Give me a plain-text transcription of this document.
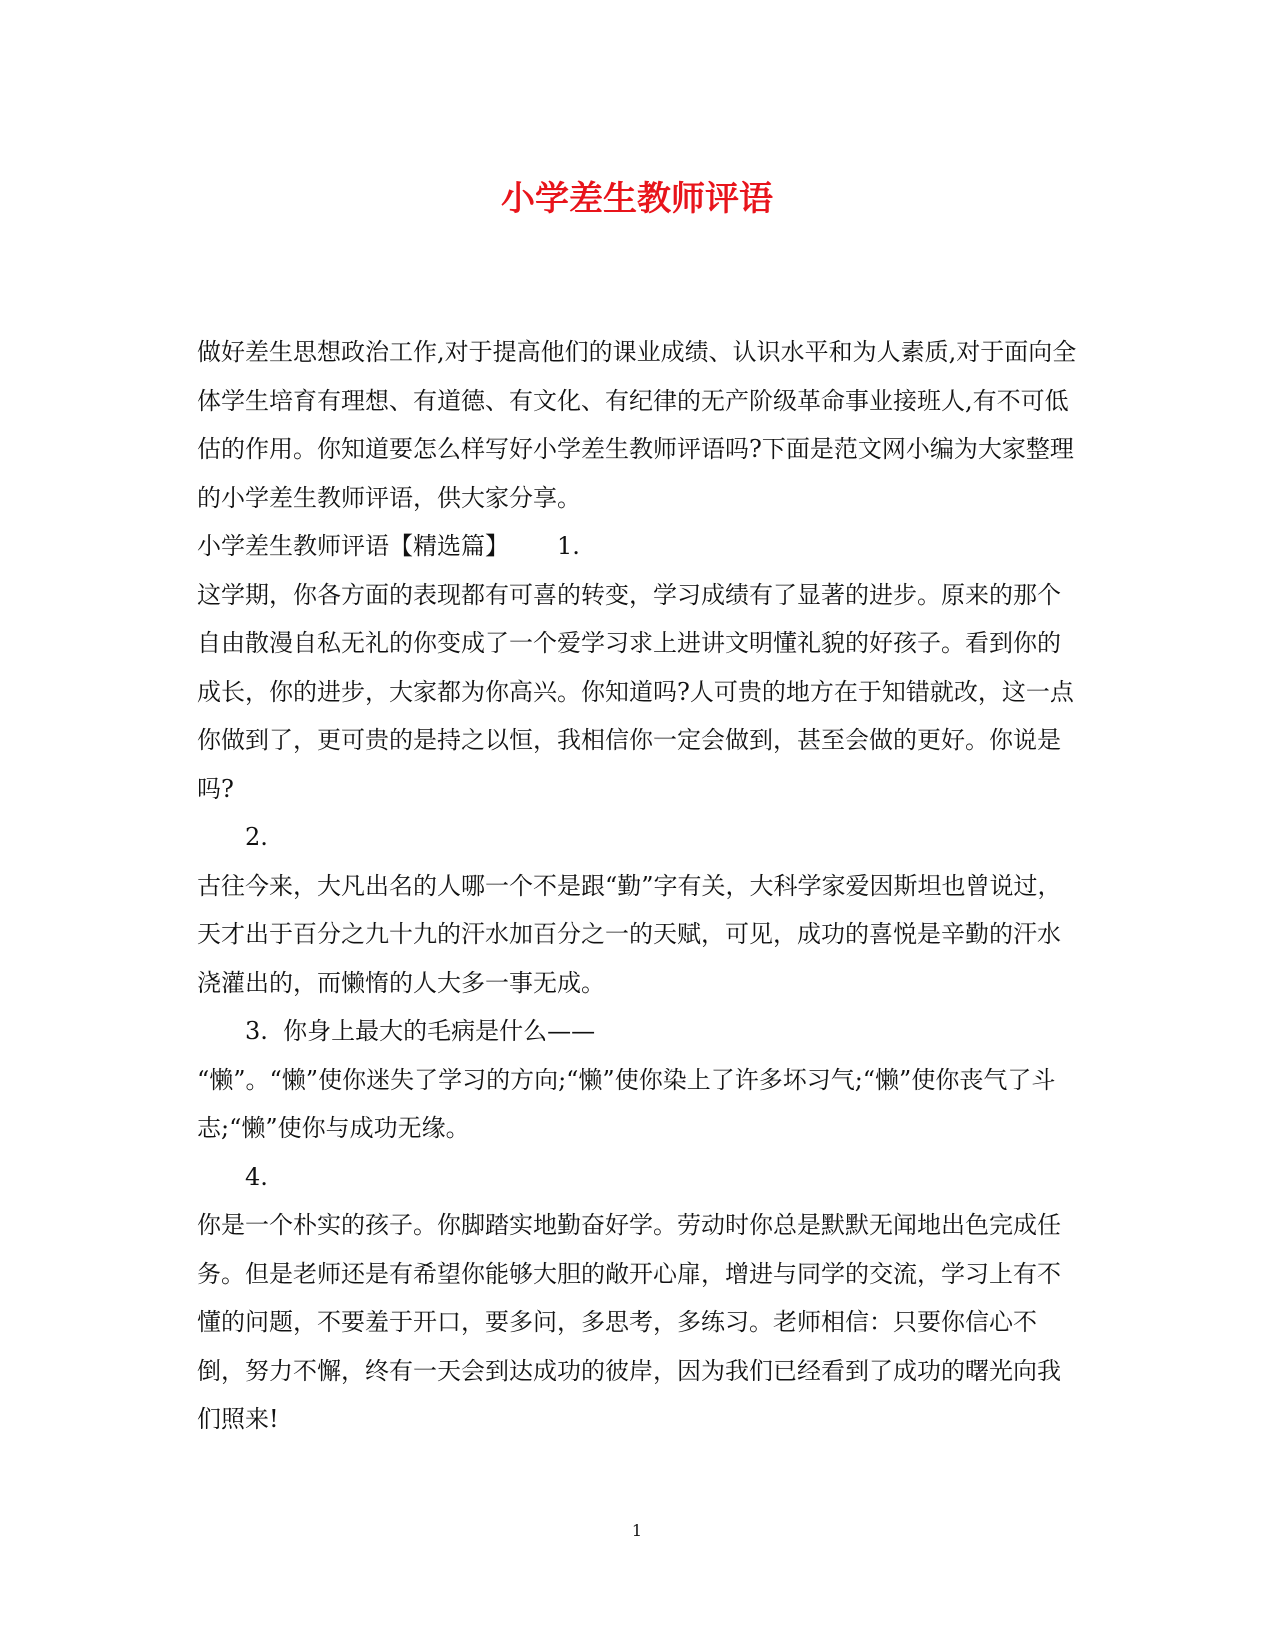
小学差生教师评语

做好差生思想政治工作,对于提高他们的课业成绩、认识水平和为人素质,对于面向全体学生培育有理想、有道德、有文化、有纪律的无产阶级革命事业接班人,有不可低估的作用。你知道要怎么样写好小学差生教师评语吗?下面是范文网小编为大家整理的小学差生教师评语，供大家分享。

小学差生教师评语【精选篇】 1.

这学期，你各方面的表现都有可喜的转变，学习成绩有了显著的进步。原来的那个自由散漫自私无礼的你变成了一个爱学习求上进讲文明懂礼貌的好孩子。看到你的成长，你的进步，大家都为你高兴。你知道吗?人可贵的地方在于知错就改，这一点你做到了，更可贵的是持之以恒，我相信你一定会做到，甚至会做的更好。你说是吗?

2.

古往今来，大凡出名的人哪一个不是跟“勤”字有关，大科学家爱因斯坦也曾说过，天才出于百分之九十九的汗水加百分之一的天赋，可见，成功的喜悦是辛勤的汗水浇灌出的，而懒惰的人大多一事无成。

3. 你身上最大的毛病是什么——

“懒”。“懒”使你迷失了学习的方向;“懒”使你染上了许多坏习气;“懒”使你丧气了斗志;“懒”使你与成功无缘。

4.

你是一个朴实的孩子。你脚踏实地勤奋好学。劳动时你总是默默无闻地出色完成任务。但是老师还是有希望你能够大胆的敞开心扉，增进与同学的交流，学习上有不懂的问题，不要羞于开口，要多问，多思考，多练习。老师相信：只要你信心不倒，努力不懈，终有一天会到达成功的彼岸，因为我们已经看到了成功的曙光向我们照来!

1
